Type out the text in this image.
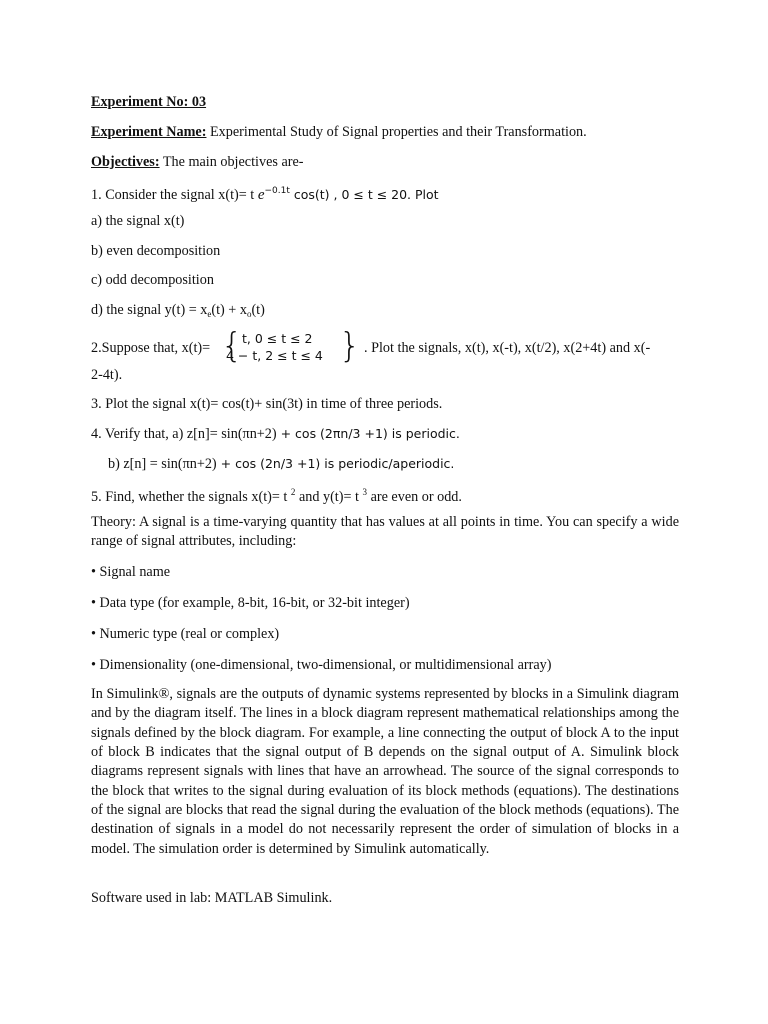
Experiment No: 03
Experiment Name: Experimental Study of Signal properties and their Transformation.
Objectives: The main objectives are-
1. Consider the signal x(t)= t $e^{-0.1t}$ cos(t) , 0 ≤ t ≤ 20. Plot
a) the signal x(t)
b) even decomposition
c) odd decomposition
d) the signal $y(t) = x_e(t) + x_o(t)$
2.Suppose that, x(t)= { t, 0 ≤ t ≤ 2
4 − t, 2 ≤ t ≤ 4 } . Plot the signals, x(t), x(-t), x(t/2), x(2+4t) and x(-
2-4t).
3. Plot the signal x(t)= cos(t)+ sin(3t) in time of three periods.
4. Verify that, a) z[n]= sin(πn+2) + cos (2πn/3 +1) is periodic.
b) z[n] = sin(πn+2) + cos (2n/3 +1) is periodic/aperiodic.
5. Find, whether the signals x(t)= t $^2$ and y(t)= t $^3$ are even or odd.
Theory: A signal is a time-varying quantity that has values at all points in time. You can specify a wide range of signal attributes, including:
• Signal name
• Data type (for example, 8-bit, 16-bit, or 32-bit integer)
• Numeric type (real or complex)
• Dimensionality (one-dimensional, two-dimensional, or multidimensional array)
In Simulink®, signals are the outputs of dynamic systems represented by blocks in a Simulink diagram and by the diagram itself. The lines in a block diagram represent mathematical relationships among the signals defined by the block diagram. For example, a line connecting the output of block A to the input of block B indicates that the signal output of B depends on the signal output of A. Simulink block diagrams represent signals with lines that have an arrowhead. The source of the signal corresponds to the block that writes to the signal during evaluation of its block methods (equations). The destinations of the signal are blocks that read the signal during the evaluation of the block methods (equations). The destination of signals in a model do not necessarily represent the order of simulation of blocks in a model. The simulation order is determined by Simulink automatically.
Software used in lab: MATLAB Simulink.
